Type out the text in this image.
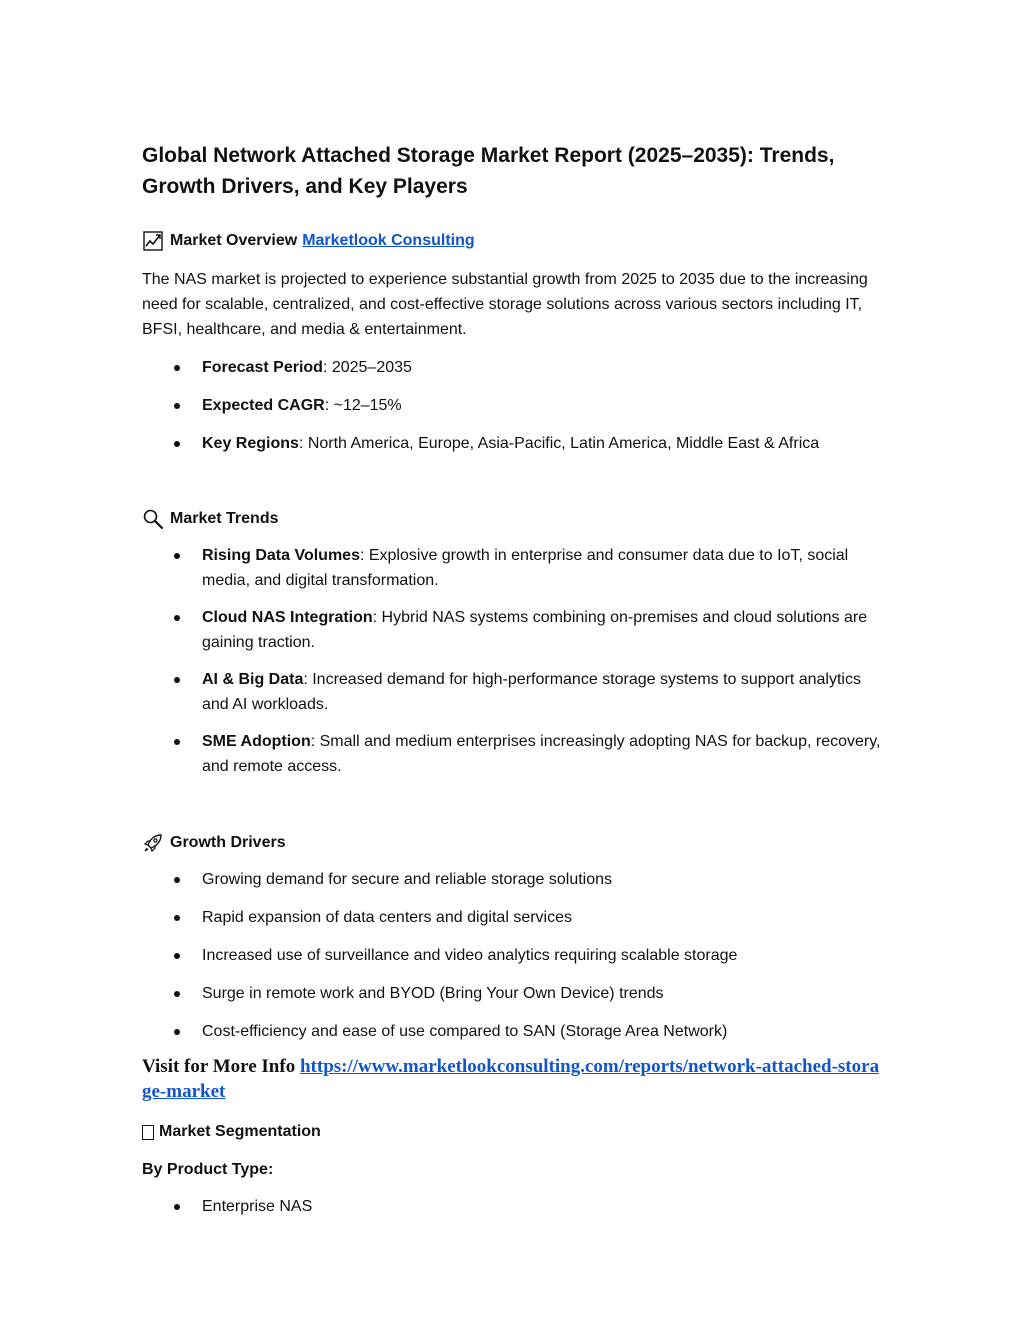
Global Network Attached Storage Market Report (2025–2035): Trends, Growth Drivers, and Key Players
Market Overview Marketlook Consulting

The NAS market is projected to experience substantial growth from 2025 to 2035 due to the increasing need for scalable, centralized, and cost-effective storage solutions across various sectors including IT, BFSI, healthcare, and media & entertainment.

Forecast Period: 2025–2035
Expected CAGR: ~12–15%
Key Regions: North America, Europe, Asia-Pacific, Latin America, Middle East & Africa
Market Trends
Rising Data Volumes: Explosive growth in enterprise and consumer data due to IoT, social media, and digital transformation.
Cloud NAS Integration: Hybrid NAS systems combining on-premises and cloud solutions are gaining traction.
AI & Big Data: Increased demand for high-performance storage systems to support analytics and AI workloads.
SME Adoption: Small and medium enterprises increasingly adopting NAS for backup, recovery, and remote access.
Growth Drivers
Growing demand for secure and reliable storage solutions
Rapid expansion of data centers and digital services
Increased use of surveillance and video analytics requiring scalable storage
Surge in remote work and BYOD (Bring Your Own Device) trends
Cost-efficiency and ease of use compared to SAN (Storage Area Network)
Visit for More Info https://www.marketlookconsulting.com/reports/network-attached-storage-market
Market Segmentation
By Product Type:
Enterprise NAS
